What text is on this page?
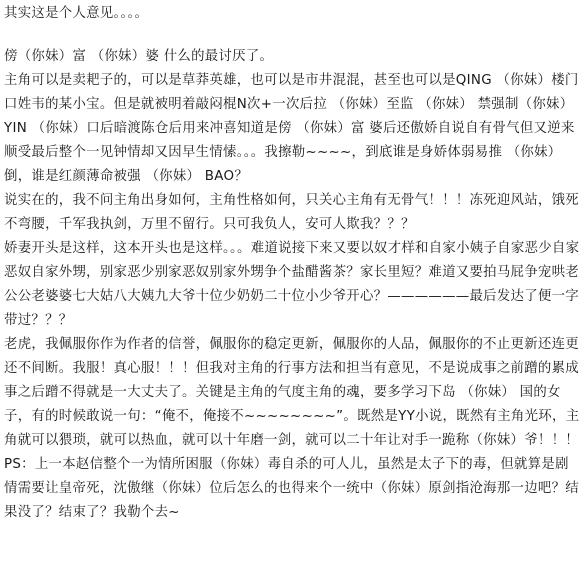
其实这是个人意见。。。。

傍（你妹）富 （你妹）婆 什么的最讨厌了。

主角可以是卖耙子的，可以是草莽英雄，也可以是市井混混，甚至也可以是QING （你妹）楼门口姓韦的某小宝。但是就被明着敲闷棍N次+一次后拉 （你妹）至监 （你妹） 禁强制（你妹）YIN （你妹）口后暗渡陈仓后用来冲喜知道是傍 （你妹）富 婆后还傲娇自说自有骨气但又逆来顺受最后整个一见钟情却又因早生情愫。。。我擦勒~~~~，到底谁是身娇体弱易推 （你妹）倒，谁是红颜薄命被强 （你妹） BAO？

说实在的，我不问主角出身如何，主角性格如何，只关心主角有无骨气！！！冻死迎风站，饿死不弯腰，千军我执剑，万里不留行。只可我负人，安可人欺我？？？

娇妻开头是这样，这本开头也是这样。。。难道说接下来又要以奴才样和自家小姨子自家恶少自家恶奴自家外甥，别家恶少别家恶奴别家外甥争个盐醋酱茶？家长里短？难道又要拍马屁争宠哄老公公老婆婆七大姑八大姨九大爷十位少奶奶二十位小少爷开心？——————最后发达了便一字带过？？？

老虎，我佩服你作为作者的信誉，佩服你的稳定更新，佩服你的人品，佩服你的不止更新还连更还不间断。我服！真心服！！！但我对主角的行事方法和担当有意见，不是说成事之前蹭的累成事之后蹭不得就是一大丈夫了。关键是主角的气度主角的魂，要多学习下岛 （你妹） 国的女子，有的时候敢说一句：“俺不，俺接不~~~~~~~~”。既然是YY小说，既然有主角光环，主角就可以猥琐，就可以热血，就可以十年磨一剑，就可以二十年让对手一跪称（你妹）爷！！！

PS：上一本赵信整个一为情所困服（你妹）毒自杀的可人儿，虽然是太子下的毒，但就算是剧情需要让皇帝死，沈傲继（你妹）位后怎么的也得来个一统中（你妹）原剑指沧海那一边吧？结果没了？结束了？我勒个去~
